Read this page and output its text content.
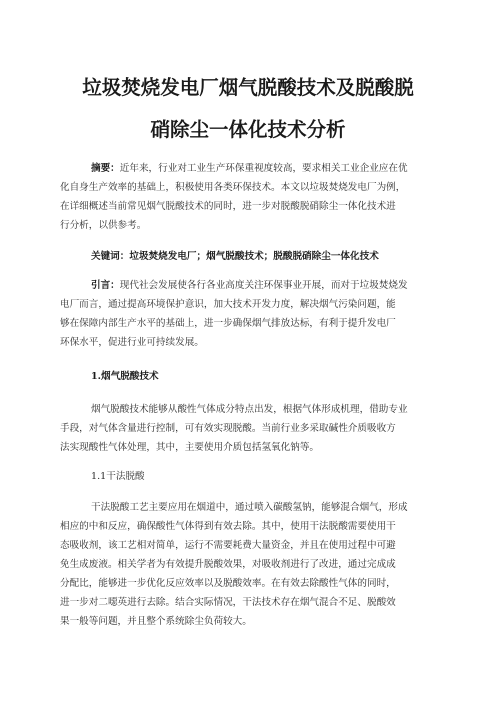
垃圾焚烧发电厂烟气脱酸技术及脱酸脱
硝除尘一体化技术分析
摘要：近年来，行业对工业生产环保重视度较高，要求相关工业企业应在优
化自身生产效率的基础上，积极使用各类环保技术。本文以垃圾焚烧发电厂为例，
在详细概述当前常见烟气脱酸技术的同时，进一步对脱酸脱硝除尘一体化技术进
行分析，以供参考。
关键词：垃圾焚烧发电厂；烟气脱酸技术；脱酸脱硝除尘一体化技术
引言：现代社会发展使各行各业高度关注环保事业开展，而对于垃圾焚烧发
电厂而言，通过提高环境保护意识，加大技术开发力度，解决烟气污染问题，能
够在保障内部生产水平的基础上，进一步确保烟气排放达标，有利于提升发电厂
环保水平，促进行业可持续发展。
1.烟气脱酸技术
烟气脱酸技术能够从酸性气体成分特点出发，根据气体形成机理，借助专业
手段，对气体含量进行控制，可有效实现脱酸。当前行业多采取碱性介质吸收方
法实现酸性气体处理，其中，主要使用介质包括氢氧化钠等。
1.1干法脱酸
干法脱酸工艺主要应用在烟道中，通过喷入碳酸氢钠，能够混合烟气，形成
相应的中和反应，确保酸性气体得到有效去除。其中，使用干法脱酸需要使用干
态吸收剂，该工艺相对简单，运行不需要耗费大量资金，并且在使用过程中可避
免生成废液。相关学者为有效提升脱酸效果，对吸收剂进行了改进，通过完成成
分配比，能够进一步优化反应效率以及脱酸效率。在有效去除酸性气体的同时，
进一步对二噁英进行去除。结合实际情况，干法技术存在烟气混合不足、脱酸效
果一般等问题，并且整个系统除尘负荷较大。
